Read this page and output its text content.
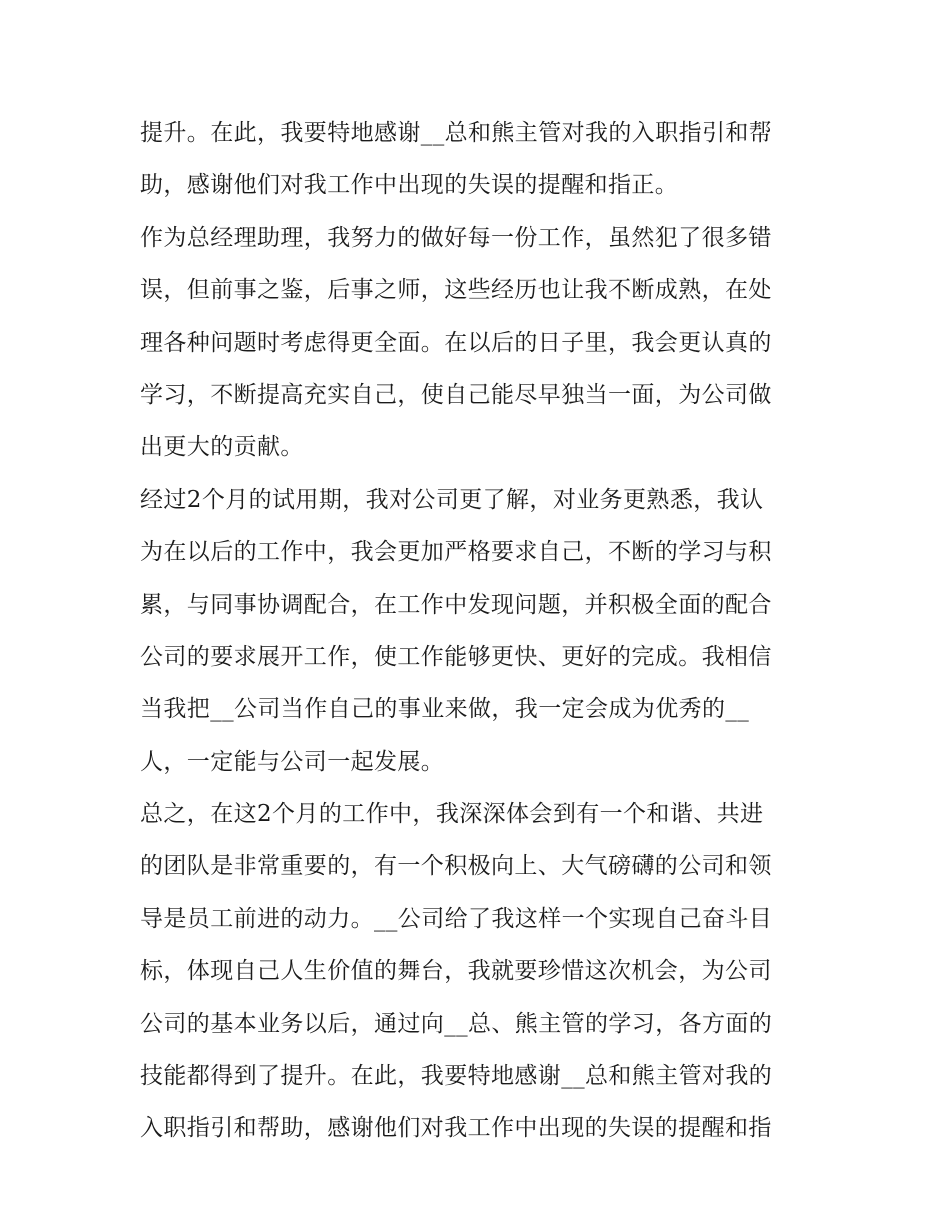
提升。在此，我要特地感谢__总和熊主管对我的入职指引和帮
助，感谢他们对我工作中出现的失误的提醒和指正。
作为总经理助理，我努力的做好每一份工作，虽然犯了很多错
误，但前事之鉴，后事之师，这些经历也让我不断成熟，在处
理各种问题时考虑得更全面。在以后的日子里，我会更认真的
学习，不断提高充实自己，使自己能尽早独当一面，为公司做
出更大的贡献。
经过2个月的试用期，我对公司更了解，对业务更熟悉，我认
为在以后的工作中，我会更加严格要求自己，不断的学习与积
累，与同事协调配合，在工作中发现问题，并积极全面的配合
公司的要求展开工作，使工作能够更快、更好的完成。我相信
当我把__公司当作自己的事业来做，我一定会成为优秀的__
人，一定能与公司一起发展。
总之，在这2个月的工作中，我深深体会到有一个和谐、共进
的团队是非常重要的，有一个积极向上、大气磅礴的公司和领
导是员工前进的动力。__公司给了我这样一个实现自己奋斗目
标，体现自己人生价值的舞台，我就要珍惜这次机会，为公司
公司的基本业务以后，通过向__总、熊主管的学习，各方面的
技能都得到了提升。在此，我要特地感谢__总和熊主管对我的
入职指引和帮助，感谢他们对我工作中出现的失误的提醒和指
